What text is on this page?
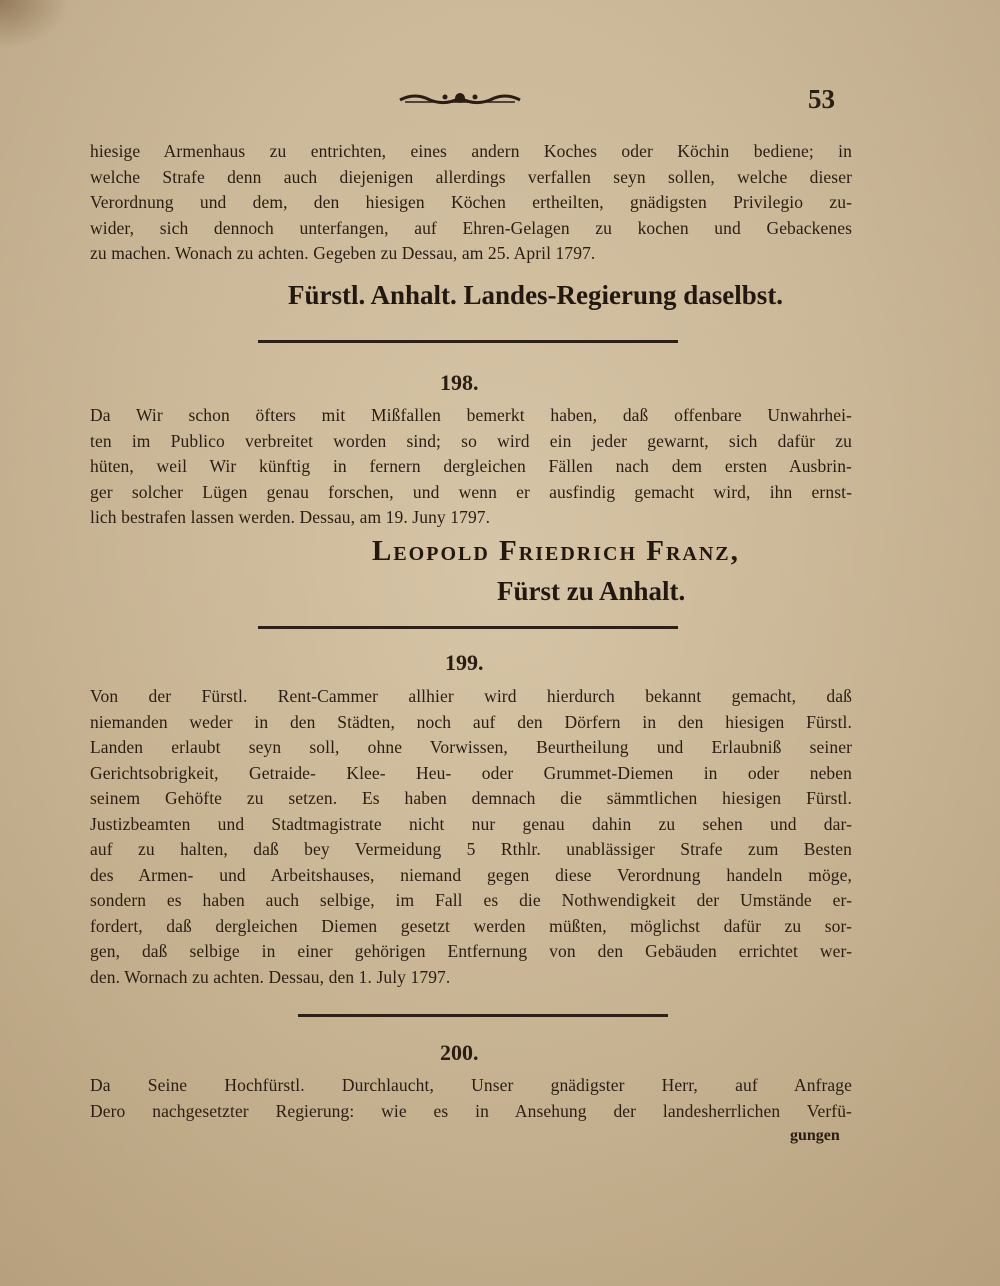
53
hiesige Armenhaus zu entrichten, eines andern Koches oder Köchin bediene; in
welche Strafe denn auch diejenigen allerdings verfallen seyn sollen, welche dieser
Verordnung und dem, den hiesigen Köchen ertheilten, gnädigsten Privilegio zu-
wider, sich dennoch unterfangen, auf Ehren-Gelagen zu kochen und Gebackenes
zu machen. Wonach zu achten. Gegeben zu Dessau, am 25. April 1797.
Fürstl. Anhalt. Landes-Regierung daselbst.
198.
Da Wir schon öfters mit Mißfallen bemerkt haben, daß offenbare Unwahrhei-
ten im Publico verbreitet worden sind; so wird ein jeder gewarnt, sich dafür zu
hüten, weil Wir künftig in fernern dergleichen Fällen nach dem ersten Ausbrin-
ger solcher Lügen genau forschen, und wenn er ausfindig gemacht wird, ihn ernst-
lich bestrafen lassen werden. Dessau, am 19. Juny 1797.
Leopold Friedrich Franz,
Fürst zu Anhalt.
199.
Von der Fürstl. Rent-Cammer allhier wird hierdurch bekannt gemacht, daß
niemanden weder in den Städten, noch auf den Dörfern in den hiesigen Fürstl.
Landen erlaubt seyn soll, ohne Vorwissen, Beurtheilung und Erlaubniß seiner
Gerichtsobrigkeit, Getraide- Klee- Heu- oder Grummet-Diemen in oder neben
seinem Gehöfte zu setzen. Es haben demnach die sämmtlichen hiesigen Fürstl.
Justizbeamten und Stadtmagistrate nicht nur genau dahin zu sehen und dar-
auf zu halten, daß bey Vermeidung 5 Rthlr. unablässiger Strafe zum Besten
des Armen- und Arbeitshauses, niemand gegen diese Verordnung handeln möge,
sondern es haben auch selbige, im Fall es die Nothwendigkeit der Umstände er-
fordert, daß dergleichen Diemen gesetzt werden müßten, möglichst dafür zu sor-
gen, daß selbige in einer gehörigen Entfernung von den Gebäuden errichtet wer-
den. Wornach zu achten. Dessau, den 1. July 1797.
200.
Da Seine Hochfürstl. Durchlaucht, Unser gnädigster Herr, auf Anfrage
Dero nachgesetzter Regierung: wie es in Ansehung der landesherrlichen Verfü-
gungen
